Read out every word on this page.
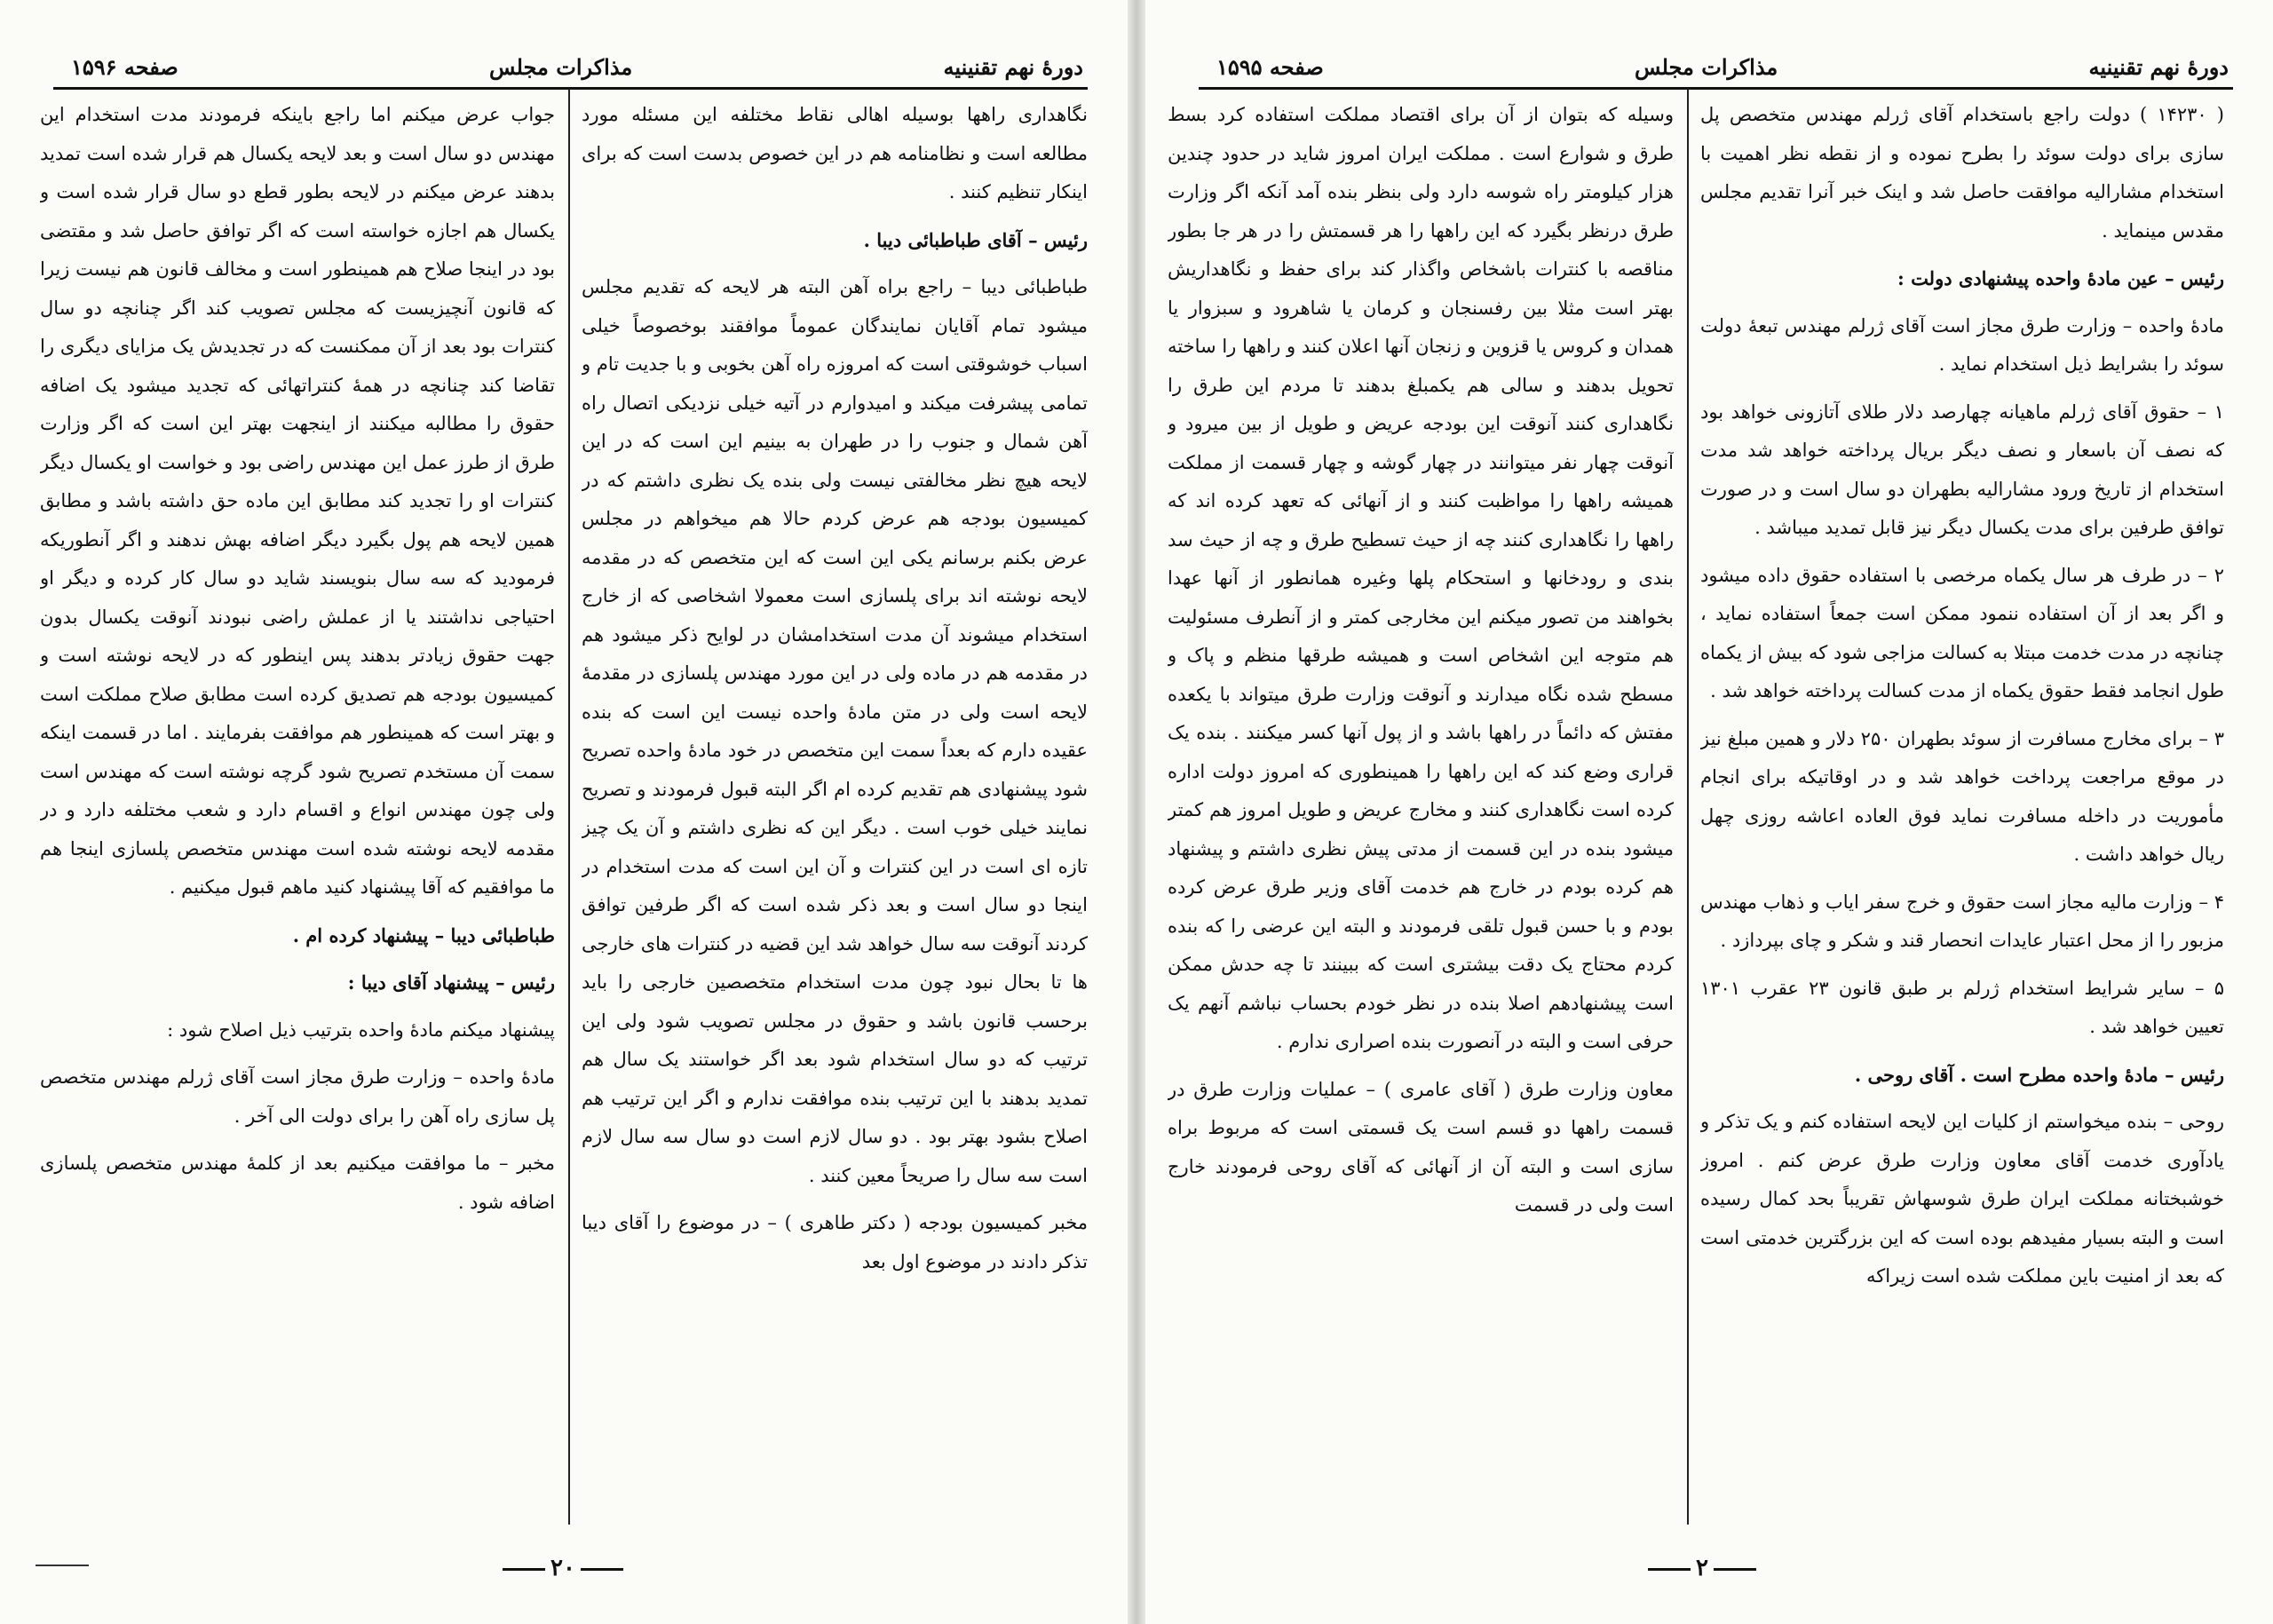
دورهٔ نهم تقنینیه
مذاکرات مجلس
صفحه ۱۵۹۶

نگاهداری راهها بوسیله اهالی نقاط مختلفه این مسئله مورد مطالعه است و نظامنامه هم در این خصوص بدست است که برای اینکار تنظیم کنند .

رئیس – آقای طباطبائی دیبا .

طباطبائی دیبا – راجع براه آهن البته هر لایحه که تقدیم مجلس میشود تمام آقایان نمایندگان عموماً موافقند بوخصوصاً خیلی اسباب خوشوقتی است که امروزه راه آهن بخوبی و با جدیت تام و تمامی پیشرفت میکند و امیدوارم در آتیه خیلی نزدیکی اتصال راه آهن شمال و جنوب را در طهران به بینیم این است که در این لایحه هیچ نظر مخالفتی نیست ولی بنده یک نظری داشتم که در کمیسیون بودجه هم عرض کردم حالا هم میخواهم در مجلس عرض بکنم برسانم یکی این است که این متخصص که در مقدمه لایحه نوشته اند برای پلسازی است معمولا اشخاصی که از خارج استخدام میشوند آن مدت استخدامشان در لوایح ذکر میشود هم در مقدمه هم در ماده ولی در این مورد مهندس پلسازی در مقدمهٔ لایحه است ولی در متن مادهٔ واحده نیست این است که بنده عقیده دارم که بعداً سمت این متخصص در خود مادهٔ واحده تصریح شود پیشنهادی هم تقدیم کرده ام اگر البته قبول فرمودند و تصریح نمایند خیلی خوب است . دیگر این که نظری داشتم و آن یک چیز تازه ای است در این کنترات و آن این است که مدت استخدام در اینجا دو سال است و بعد ذکر شده است که اگر طرفین توافق کردند آنوقت سه سال خواهد شد این قضیه در کنترات های خارجی ها تا بحال نبود چون مدت استخدام متخصصین خارجی را باید برحسب قانون باشد و حقوق در مجلس تصویب شود ولی این ترتیب که دو سال استخدام شود بعد اگر خواستند یک سال هم تمدید بدهند با این ترتیب بنده موافقت ندارم و اگر این ترتیب هم اصلاح بشود بهتر بود . دو سال لازم است دو سال سه سال لازم است سه سال را صریحاً معین کنند .

مخبر کمیسیون بودجه ( دکتر طاهری ) – در موضوع را آقای دیبا تذکر دادند در موضوع اول بعد

جواب عرض میکنم اما راجع باینکه فرمودند مدت استخدام این مهندس دو سال است و بعد لایحه یکسال هم قرار شده است تمدید بدهند عرض میکنم در لایحه بطور قطع دو سال قرار شده است و یکسال هم اجازه خواسته است که اگر توافق حاصل شد و مقتضی بود در اینجا صلاح هم همینطور است و مخالف قانون هم نیست زیرا که قانون آنچیزیست که مجلس تصویب کند اگر چنانچه دو سال کنترات بود بعد از آن ممکنست که در تجدیدش یک مزایای دیگری را تقاضا کند چنانچه در همهٔ کنتراتهائی که تجدید میشود یک اضافه حقوق را مطالبه میکنند از اینجهت بهتر این است که اگر وزارت طرق از طرز عمل این مهندس راضی بود و خواست او یکسال دیگر کنترات او را تجدید کند مطابق این ماده حق داشته باشد و مطابق همین لایحه هم پول بگیرد دیگر اضافه بهش ندهند و اگر آنطوریکه فرمودید که سه سال بنویسند شاید دو سال کار کرده و دیگر او احتیاجی نداشتند یا از عملش راضی نبودند آنوقت یکسال بدون جهت حقوق زیادتر بدهند پس اینطور که در لایحه نوشته است و کمیسیون بودجه هم تصدیق کرده است مطابق صلاح مملکت است و بهتر است که همینطور هم موافقت بفرمایند . اما در قسمت اینکه سمت آن مستخدم تصریح شود گرچه نوشته است که مهندس است ولی چون مهندس انواع و اقسام دارد و شعب مختلفه دارد و در مقدمه لایحه نوشته شده است مهندس متخصص پلسازی اینجا هم ما موافقیم که آقا پیشنهاد کنید ماهم قبول میکنیم .

طباطبائی دیبا – پیشنهاد کرده ام .

رئیس – پیشنهاد آقای دیبا :

پیشنهاد میکنم مادهٔ واحده بترتیب ذیل اصلاح شود :

مادهٔ واحده – وزارت طرق مجاز است آقای ژرلم مهندس متخصص پل سازی راه آهن را برای دولت الی آخر .

مخبر – ما موافقت میکنیم بعد از کلمهٔ مهندس متخصص پلسازی اضافه شود .

۲۰
دورهٔ نهم تقنینیه
مذاکرات مجلس
صفحه ۱۵۹۵

( ۱۴۲۳۰ ) دولت راجع باستخدام آقای ژرلم مهندس متخصص پل سازی برای دولت سوئد را بطرح نموده و از نقطه نظر اهمیت با استخدام مشارالیه موافقت حاصل شد و اینک خبر آنرا تقدیم مجلس مقدس مینماید .

رئیس – عین مادهٔ واحده پیشنهادی دولت :

مادهٔ واحده – وزارت طرق مجاز است آقای ژرلم مهندس تبعهٔ دولت سوئد را بشرایط ذیل استخدام نماید .

۱ – حقوق آقای ژرلم ماهیانه چهارصد دلار طلای آتازونی خواهد بود که نصف آن باسعار و نصف دیگر بریال پرداخته خواهد شد مدت استخدام از تاریخ ورود مشارالیه بطهران دو سال است و در صورت توافق طرفین برای مدت یکسال دیگر نیز قابل تمدید میباشد .

۲ – در طرف هر سال یکماه مرخصی با استفاده حقوق داده میشود و اگر بعد از آن استفاده ننمود ممکن است جمعاً استفاده نماید ، چنانچه در مدت خدمت مبتلا به کسالت مزاجی شود که بیش از یکماه طول انجامد فقط حقوق یکماه از مدت کسالت پرداخته خواهد شد .

۳ – برای مخارج مسافرت از سوئد بطهران ۲۵۰ دلار و همین مبلغ نیز در موقع مراجعت پرداخت خواهد شد و در اوقاتیکه برای انجام مأموریت در داخله مسافرت نماید فوق العاده اعاشه روزی چهل ریال خواهد داشت .

۴ – وزارت مالیه مجاز است حقوق و خرج سفر ایاب و ذهاب مهندس مزبور را از محل اعتبار عایدات انحصار قند و شکر و چای بپردازد .

۵ – سایر شرایط استخدام ژرلم بر طبق قانون ۲۳ عقرب ۱۳۰۱ تعیین خواهد شد .

رئیس – مادهٔ واحده مطرح است . آقای روحی .

روحی – بنده میخواستم از کلیات این لایحه استفاده کنم و یک تذکر و یادآوری خدمت آقای معاون وزارت طرق عرض کنم . امروز خوشبختانه مملکت ایران طرق شوسهاش تقریباً بحد کمال رسیده است و البته بسیار مفیدهم بوده است که این بزرگترین خدمتی است که بعد از امنیت باین مملکت شده است زیراکه

وسیله که بتوان از آن برای اقتصاد مملکت استفاده کرد بسط طرق و شوارع است . مملکت ایران امروز شاید در حدود چندین هزار کیلومتر راه شوسه دارد ولی بنظر بنده آمد آنکه اگر وزارت طرق درنظر بگیرد که این راهها را هر قسمتش را در هر جا بطور مناقصه با کنترات باشخاص واگذار کند برای حفظ و نگاهداریش بهتر است مثلا بین رفسنجان و کرمان یا شاهرود و سبزوار یا همدان و کروس یا قزوین و زنجان آنها اعلان کنند و راهها را ساخته تحویل بدهند و سالی هم یکمبلغ بدهند تا مردم این طرق را نگاهداری کنند آنوقت این بودجه عریض و طویل از بین میرود و آنوقت چهار نفر میتوانند در چهار گوشه و چهار قسمت از مملکت همیشه راهها را مواظبت کنند و از آنهائی که تعهد کرده اند که راهها را نگاهداری کنند چه از حیث تسطیح طرق و چه از حیث سد بندی و رودخانها و استحکام پلها وغیره همانطور از آنها عهدا بخواهند من تصور میکنم این مخارجی کمتر و از آنطرف مسئولیت هم متوجه این اشخاص است و همیشه طرقها منظم و پاک و مسطح شده نگاه میدارند و آنوقت وزارت طرق میتواند با یکعده مفتش که دائماً در راهها باشد و از پول آنها کسر میکنند . بنده یک قراری وضع کند که این راهها را همینطوری که امروز دولت اداره کرده است نگاهداری کنند و مخارج عریض و طویل امروز هم کمتر میشود بنده در این قسمت از مدتی پیش نظری داشتم و پیشنهاد هم کرده بودم در خارج هم خدمت آقای وزیر طرق عرض کرده بودم و با حسن قبول تلقی فرمودند و البته این عرضی را که بنده کردم محتاج یک دقت بیشتری است که ببینند تا چه حدش ممکن است پیشنهادهم اصلا بنده در نظر خودم بحساب نباشم آنهم یک حرفی است و البته در آنصورت بنده اصراری ندارم .

معاون وزارت طرق ( آقای عامری ) – عملیات وزارت طرق در قسمت راهها دو قسم است یک قسمتی است که مربوط براه سازی است و البته آن از آنهائی که آقای روحی فرمودند خارج است ولی در قسمت

۲
